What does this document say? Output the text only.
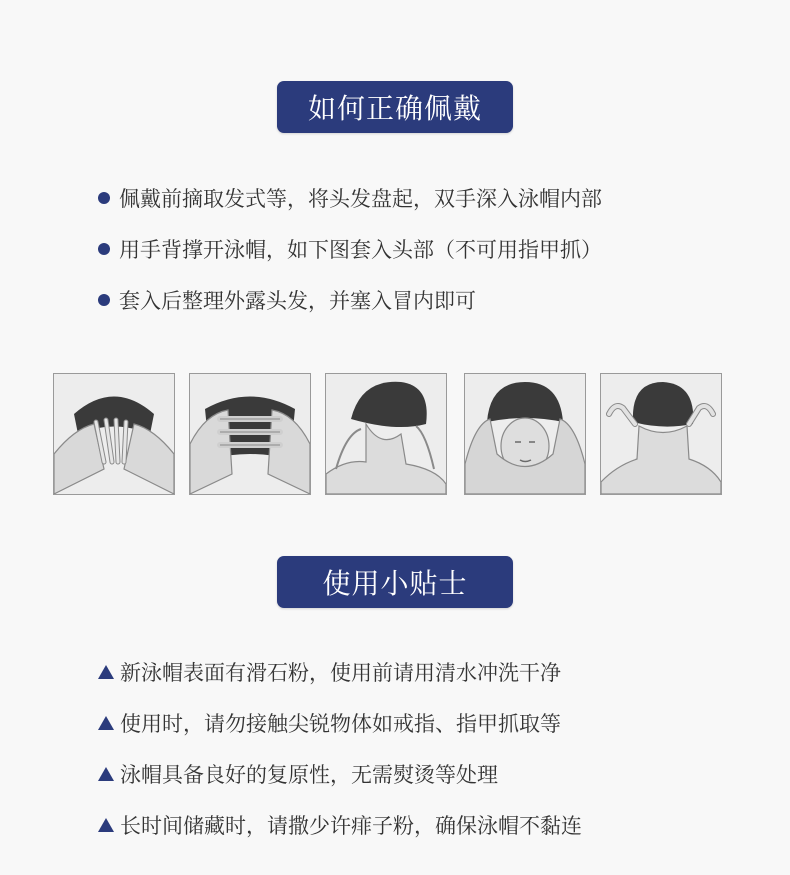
如何正确佩戴
佩戴前摘取发式等，将头发盘起，双手深入泳帽内部
用手背撑开泳帽，如下图套入头部（不可用指甲抓）
套入后整理外露头发，并塞入冒内即可
使用小贴士
新泳帽表面有滑石粉，使用前请用清水冲洗干净
使用时，请勿接触尖锐物体如戒指、指甲抓取等
泳帽具备良好的复原性，无需熨烫等处理
长时间储藏时，请撒少许痱子粉，确保泳帽不黏连
